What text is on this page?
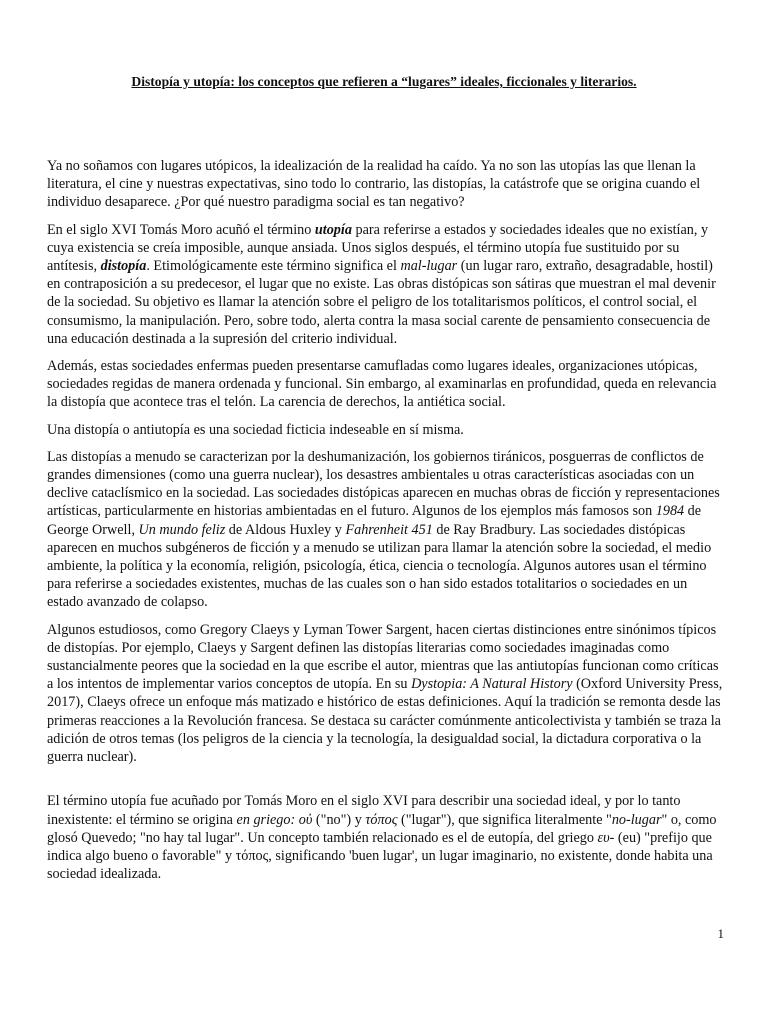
Distopía y utopía: los conceptos que refieren a “lugares” ideales, ficcionales y literarios.

Ya no soñamos con lugares utópicos, la idealización de la realidad ha caído. Ya no son las utopías las que llenan la literatura, el cine y nuestras expectativas, sino todo lo contrario, las distopías, la catástrofe que se origina cuando el individuo desaparece. ¿Por qué nuestro paradigma social es tan negativo?

En el siglo XVI Tomás Moro acuñó el término utopía para referirse a estados y sociedades ideales que no existían, y cuya existencia se creía imposible, aunque ansiada. Unos siglos después, el término utopía fue sustituido por su antítesis, distopía. Etimológicamente este término significa el mal-lugar (un lugar raro, extraño, desagradable, hostil) en contraposición a su predecesor, el lugar que no existe. Las obras distópicas son sátiras que muestran el mal devenir de la sociedad. Su objetivo es llamar la atención sobre el peligro de los totalitarismos políticos, el control social, el consumismo, la manipulación. Pero, sobre todo, alerta contra la masa social carente de pensamiento consecuencia de una educación destinada a la supresión del criterio individual.

Además, estas sociedades enfermas pueden presentarse camufladas como lugares ideales, organizaciones utópicas, sociedades regidas de manera ordenada y funcional. Sin embargo, al examinarlas en profundidad, queda en relevancia la distopía que acontece tras el telón. La carencia de derechos, la antiética social.

Una distopía o antiutopía es una sociedad ficticia indeseable en sí misma.

Las distopías a menudo se caracterizan por la deshumanización, los gobiernos tiránicos, posguerras de conflictos de grandes dimensiones (como una guerra nuclear), los desastres ambientales u otras características asociadas con un declive cataclísmico en la sociedad. Las sociedades distópicas aparecen en muchas obras de ficción y representaciones artísticas, particularmente en historias ambientadas en el futuro. Algunos de los ejemplos más famosos son 1984 de George Orwell, Un mundo feliz de Aldous Huxley y Fahrenheit 451 de Ray Bradbury. Las sociedades distópicas aparecen en muchos subgéneros de ficción y a menudo se utilizan para llamar la atención sobre la sociedad, el medio ambiente, la política y la economía, religión, psicología, ética, ciencia o tecnología. Algunos autores usan el término para referirse a sociedades existentes, muchas de las cuales son o han sido estados totalitarios o sociedades en un estado avanzado de colapso.

Algunos estudiosos, como Gregory Claeys y Lyman Tower Sargent, hacen ciertas distinciones entre sinónimos típicos de distopías. Por ejemplo, Claeys y Sargent definen las distopías literarias como sociedades imaginadas como sustancialmente peores que la sociedad en la que escribe el autor, mientras que las antiutopías funcionan como críticas a los intentos de implementar varios conceptos de utopía. En su Dystopia: A Natural History (Oxford University Press, 2017), Claeys ofrece un enfoque más matizado e histórico de estas definiciones. Aquí la tradición se remonta desde las primeras reacciones a la Revolución francesa. Se destaca su carácter comúnmente anticolectivista y también se traza la adición de otros temas (los peligros de la ciencia y la tecnología, la desigualdad social, la dictadura corporativa o la guerra nuclear).

El término utopía fue acuñado por Tomás Moro en el siglo XVI para describir una sociedad ideal, y por lo tanto inexistente: el término se origina en griego: οὐ ("no") y τόπος ("lugar"), que significa literalmente "no-lugar" o, como glosó Quevedo; "no hay tal lugar". Un concepto también relacionado es el de eutopía, del griego ευ- (eu) "prefijo que indica algo bueno o favorable" y τόπος, significando 'buen lugar', un lugar imaginario, no existente, donde habita una sociedad idealizada.

1
